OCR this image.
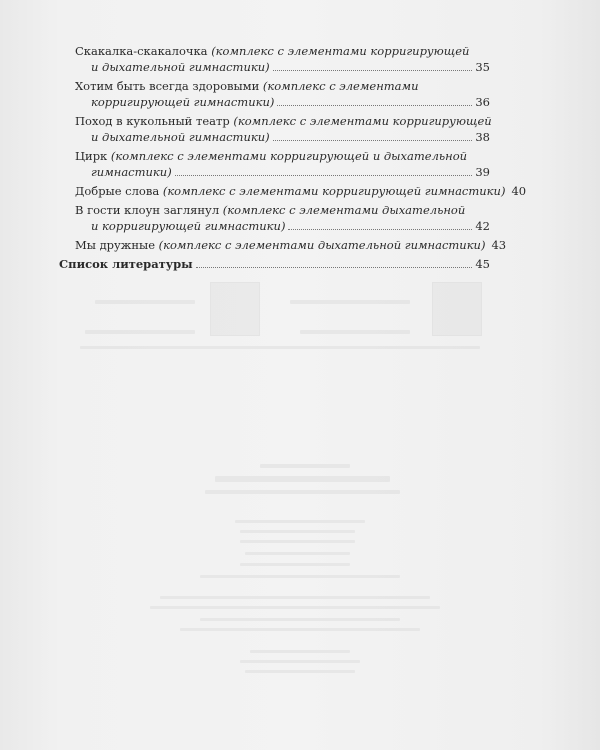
Скакалка-скакалочка (комплекс с элементами корригирующей
и дыхательной гимнастики)	35
Хотим быть всегда здоровыми (комплекс с элементами
корригирующей гимнастики)	36
Поход в кукольный театр (комплекс с элементами корригирующей
и дыхательной гимнастики)	38
Цирк (комплекс с элементами корригирующей и дыхательной
гимнастики)	39
Добрые слова (комплекс с элементами корригирующей гимнастики) 40
В гости клоун заглянул (комплекс с элементами дыхательной
и корригирующей гимнастики)	42
Мы дружные (комплекс с элементами дыхательной гимнастики) 43
Список литературы	45
